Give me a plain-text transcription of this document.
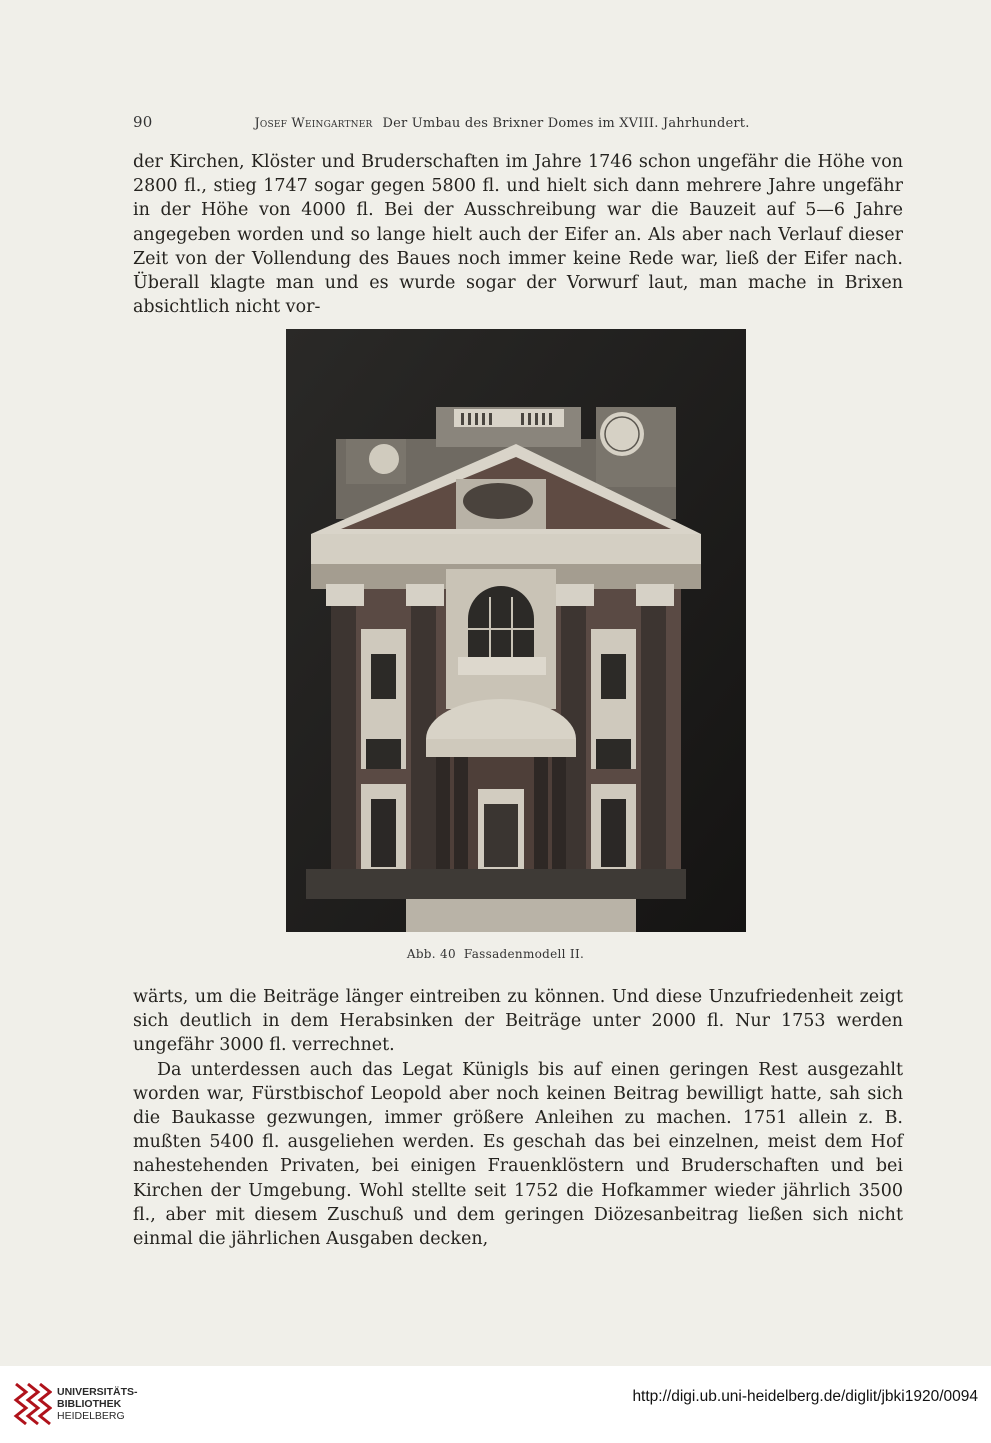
90	Josef Weingartner Der Umbau des Brixner Domes im XVIII. Jahrhundert.

der Kirchen, Klöster und Bruderschaften im Jahre 1746 schon ungefähr die Höhe von 2800 fl., stieg 1747 sogar gegen 5800 fl. und hielt sich dann mehrere Jahre ungefähr in der Höhe von 4000 fl. Bei der Ausschreibung war die Bauzeit auf 5—6 Jahre angegeben worden und so lange hielt auch der Eifer an. Als aber nach Verlauf dieser Zeit von der Vollendung des Baues noch immer keine Rede war, ließ der Eifer nach. Überall klagte man und es wurde sogar der Vorwurf laut, man mache in Brixen absichtlich nicht vor-

Abb. 40 Fassadenmodell II.

wärts, um die Beiträge länger eintreiben zu können. Und diese Unzufriedenheit zeigt sich deutlich in dem Herabsinken der Beiträge unter 2000 fl. Nur 1753 werden ungefähr 3000 fl. verrechnet.

Da unterdessen auch das Legat Künigls bis auf einen geringen Rest ausgezahlt worden war, Fürstbischof Leopold aber noch keinen Beitrag bewilligt hatte, sah sich die Baukasse gezwungen, immer größere Anleihen zu machen. 1751 allein z. B. mußten 5400 fl. ausgeliehen werden. Es geschah das bei einzelnen, meist dem Hof nahestehenden Privaten, bei einigen Frauenklöstern und Bruderschaften und bei Kirchen der Umgebung. Wohl stellte seit 1752 die Hofkammer wieder jährlich 3500 fl., aber mit diesem Zuschuß und dem geringen Diözesanbeitrag ließen sich nicht einmal die jährlichen Ausgaben decken,

UNIVERSITÄTS-
BIBLIOTHEK
HEIDELBERG
http://digi.ub.uni-heidelberg.de/diglit/jbki1920/0094
